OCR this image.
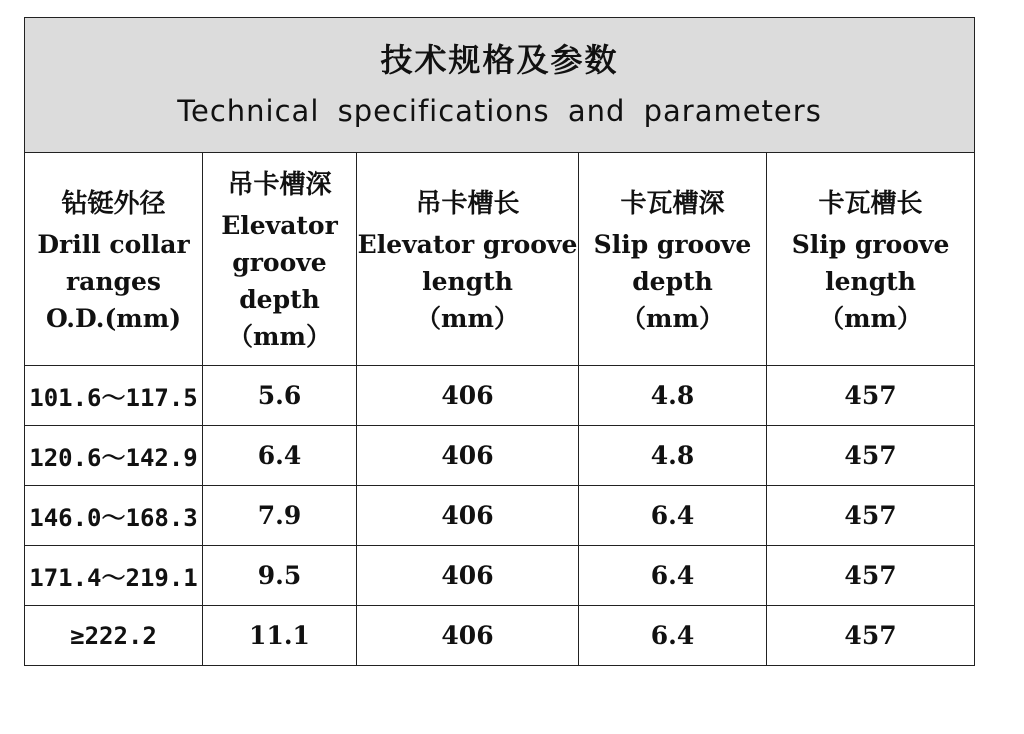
技术规格及参数
Technical specifications and parameters				

钻铤外径
Drill collar
ranges
O.D.(mm)	吊卡槽深
Elevator
groove
depth
（mm）	吊卡槽长
Elevator groove
length
（mm）	卡瓦槽深
Slip groove
depth
（mm）	卡瓦槽长
Slip groove
length
（mm）

101.6～117.5	5.6	406	4.8	457
120.6～142.9	6.4	406	4.8	457
146.0～168.3	7.9	406	6.4	457
171.4～219.1	9.5	406	6.4	457
≥222.2	11.1	406	6.4	457
